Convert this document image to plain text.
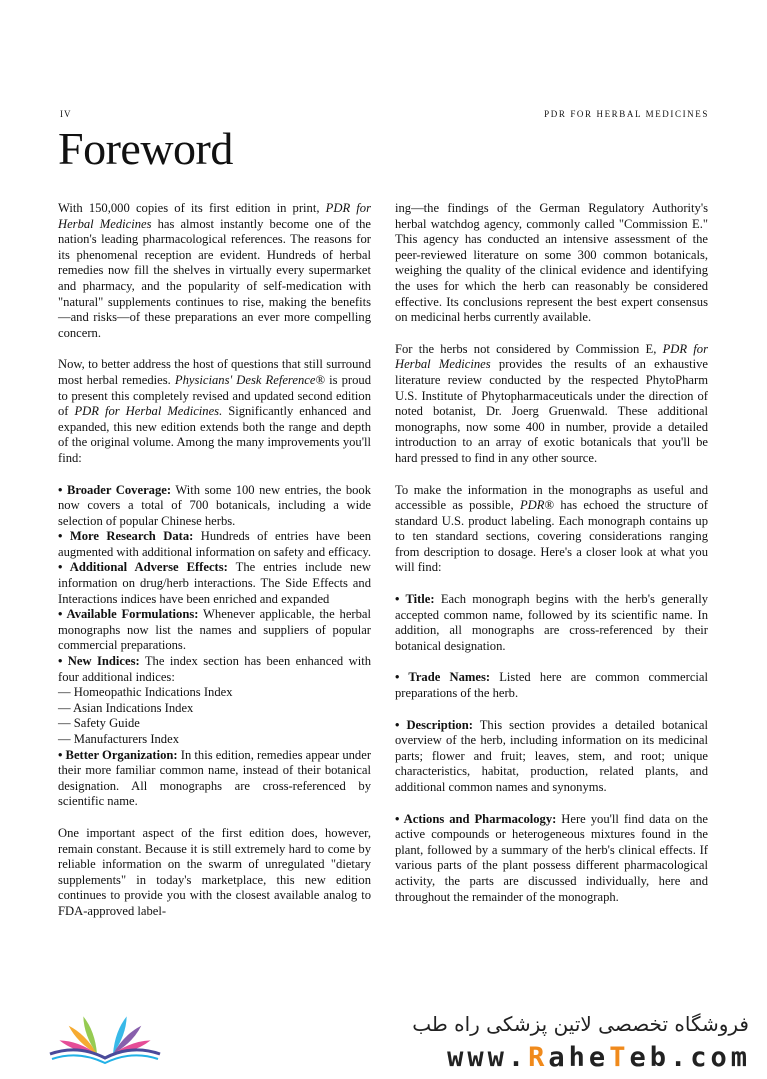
IV	PDR FOR HERBAL MEDICINES
Foreword

With 150,000 copies of its first edition in print, PDR for Herbal Medicines has almost instantly become one of the nation's leading pharmacological references. The reasons for its phenomenal reception are evident. Hundreds of herbal remedies now fill the shelves in virtually every supermarket and pharmacy, and the popularity of self-medication with "natural" supplements continues to rise, making the benefits—and risks—of these preparations an ever more compelling concern.

Now, to better address the host of questions that still surround most herbal remedies. Physicians' Desk Reference® is proud to present this completely revised and updated second edition of PDR for Herbal Medicines. Significantly enhanced and expanded, this new edition extends both the range and depth of the original volume. Among the many improvements you'll find:

• Broader Coverage: With some 100 new entries, the book now covers a total of 700 botanicals, including a wide selection of popular Chinese herbs.

• More Research Data: Hundreds of entries have been augmented with additional information on safety and efficacy.

• Additional Adverse Effects: The entries include new information on drug/herb interactions. The Side Effects and Interactions indices have been enriched and expanded

• Available Formulations: Whenever applicable, the herbal monographs now list the names and suppliers of popular commercial preparations.

• New Indices: The index section has been enhanced with four additional indices:

— Homeopathic Indications Index

— Asian Indications Index

— Safety Guide

— Manufacturers Index

• Better Organization: In this edition, remedies appear under their more familiar common name, instead of their botanical designation. All monographs are cross-referenced by scientific name.

One important aspect of the first edition does, however, remain constant. Because it is still extremely hard to come by reliable information on the swarm of unregulated "dietary supplements" in today's marketplace, this new edition continues to provide you with the closest available analog to FDA-approved label-

ing—the findings of the German Regulatory Authority's herbal watchdog agency, commonly called "Commission E." This agency has conducted an intensive assessment of the peer-reviewed literature on some 300 common botanicals, weighing the quality of the clinical evidence and identifying the uses for which the herb can reasonably be considered effective. Its conclusions represent the best expert consensus on medicinal herbs currently available.

For the herbs not considered by Commission E, PDR for Herbal Medicines provides the results of an exhaustive literature review conducted by the respected PhytoPharm U.S. Institute of Phytopharmaceuticals under the direction of noted botanist, Dr. Joerg Gruenwald. These additional monographs, now some 400 in number, provide a detailed introduction to an array of exotic botanicals that you'll be hard pressed to find in any other source.

To make the information in the monographs as useful and accessible as possible, PDR® has echoed the structure of standard U.S. product labeling. Each monograph contains up to ten standard sections, covering considerations ranging from description to dosage. Here's a closer look at what you will find:

• Title: Each monograph begins with the herb's generally accepted common name, followed by its scientific name. In addition, all monographs are cross-referenced by their botanical designation.

• Trade Names: Listed here are common commercial preparations of the herb.

• Description: This section provides a detailed botanical overview of the herb, including information on its medicinal parts; flower and fruit; leaves, stem, and root; unique characteristics, habitat, production, related plants, and additional common names and synonyms.

• Actions and Pharmacology: Here you'll find data on the active compounds or heterogeneous mixtures found in the plant, followed by a summary of the herb's clinical effects. If various parts of the plant possess different pharmacological activity, the parts are discussed individually, here and throughout the remainder of the monograph.

فروشگاه تخصصی لاتین پزشکی راه طب
www.RaheTeb.com
